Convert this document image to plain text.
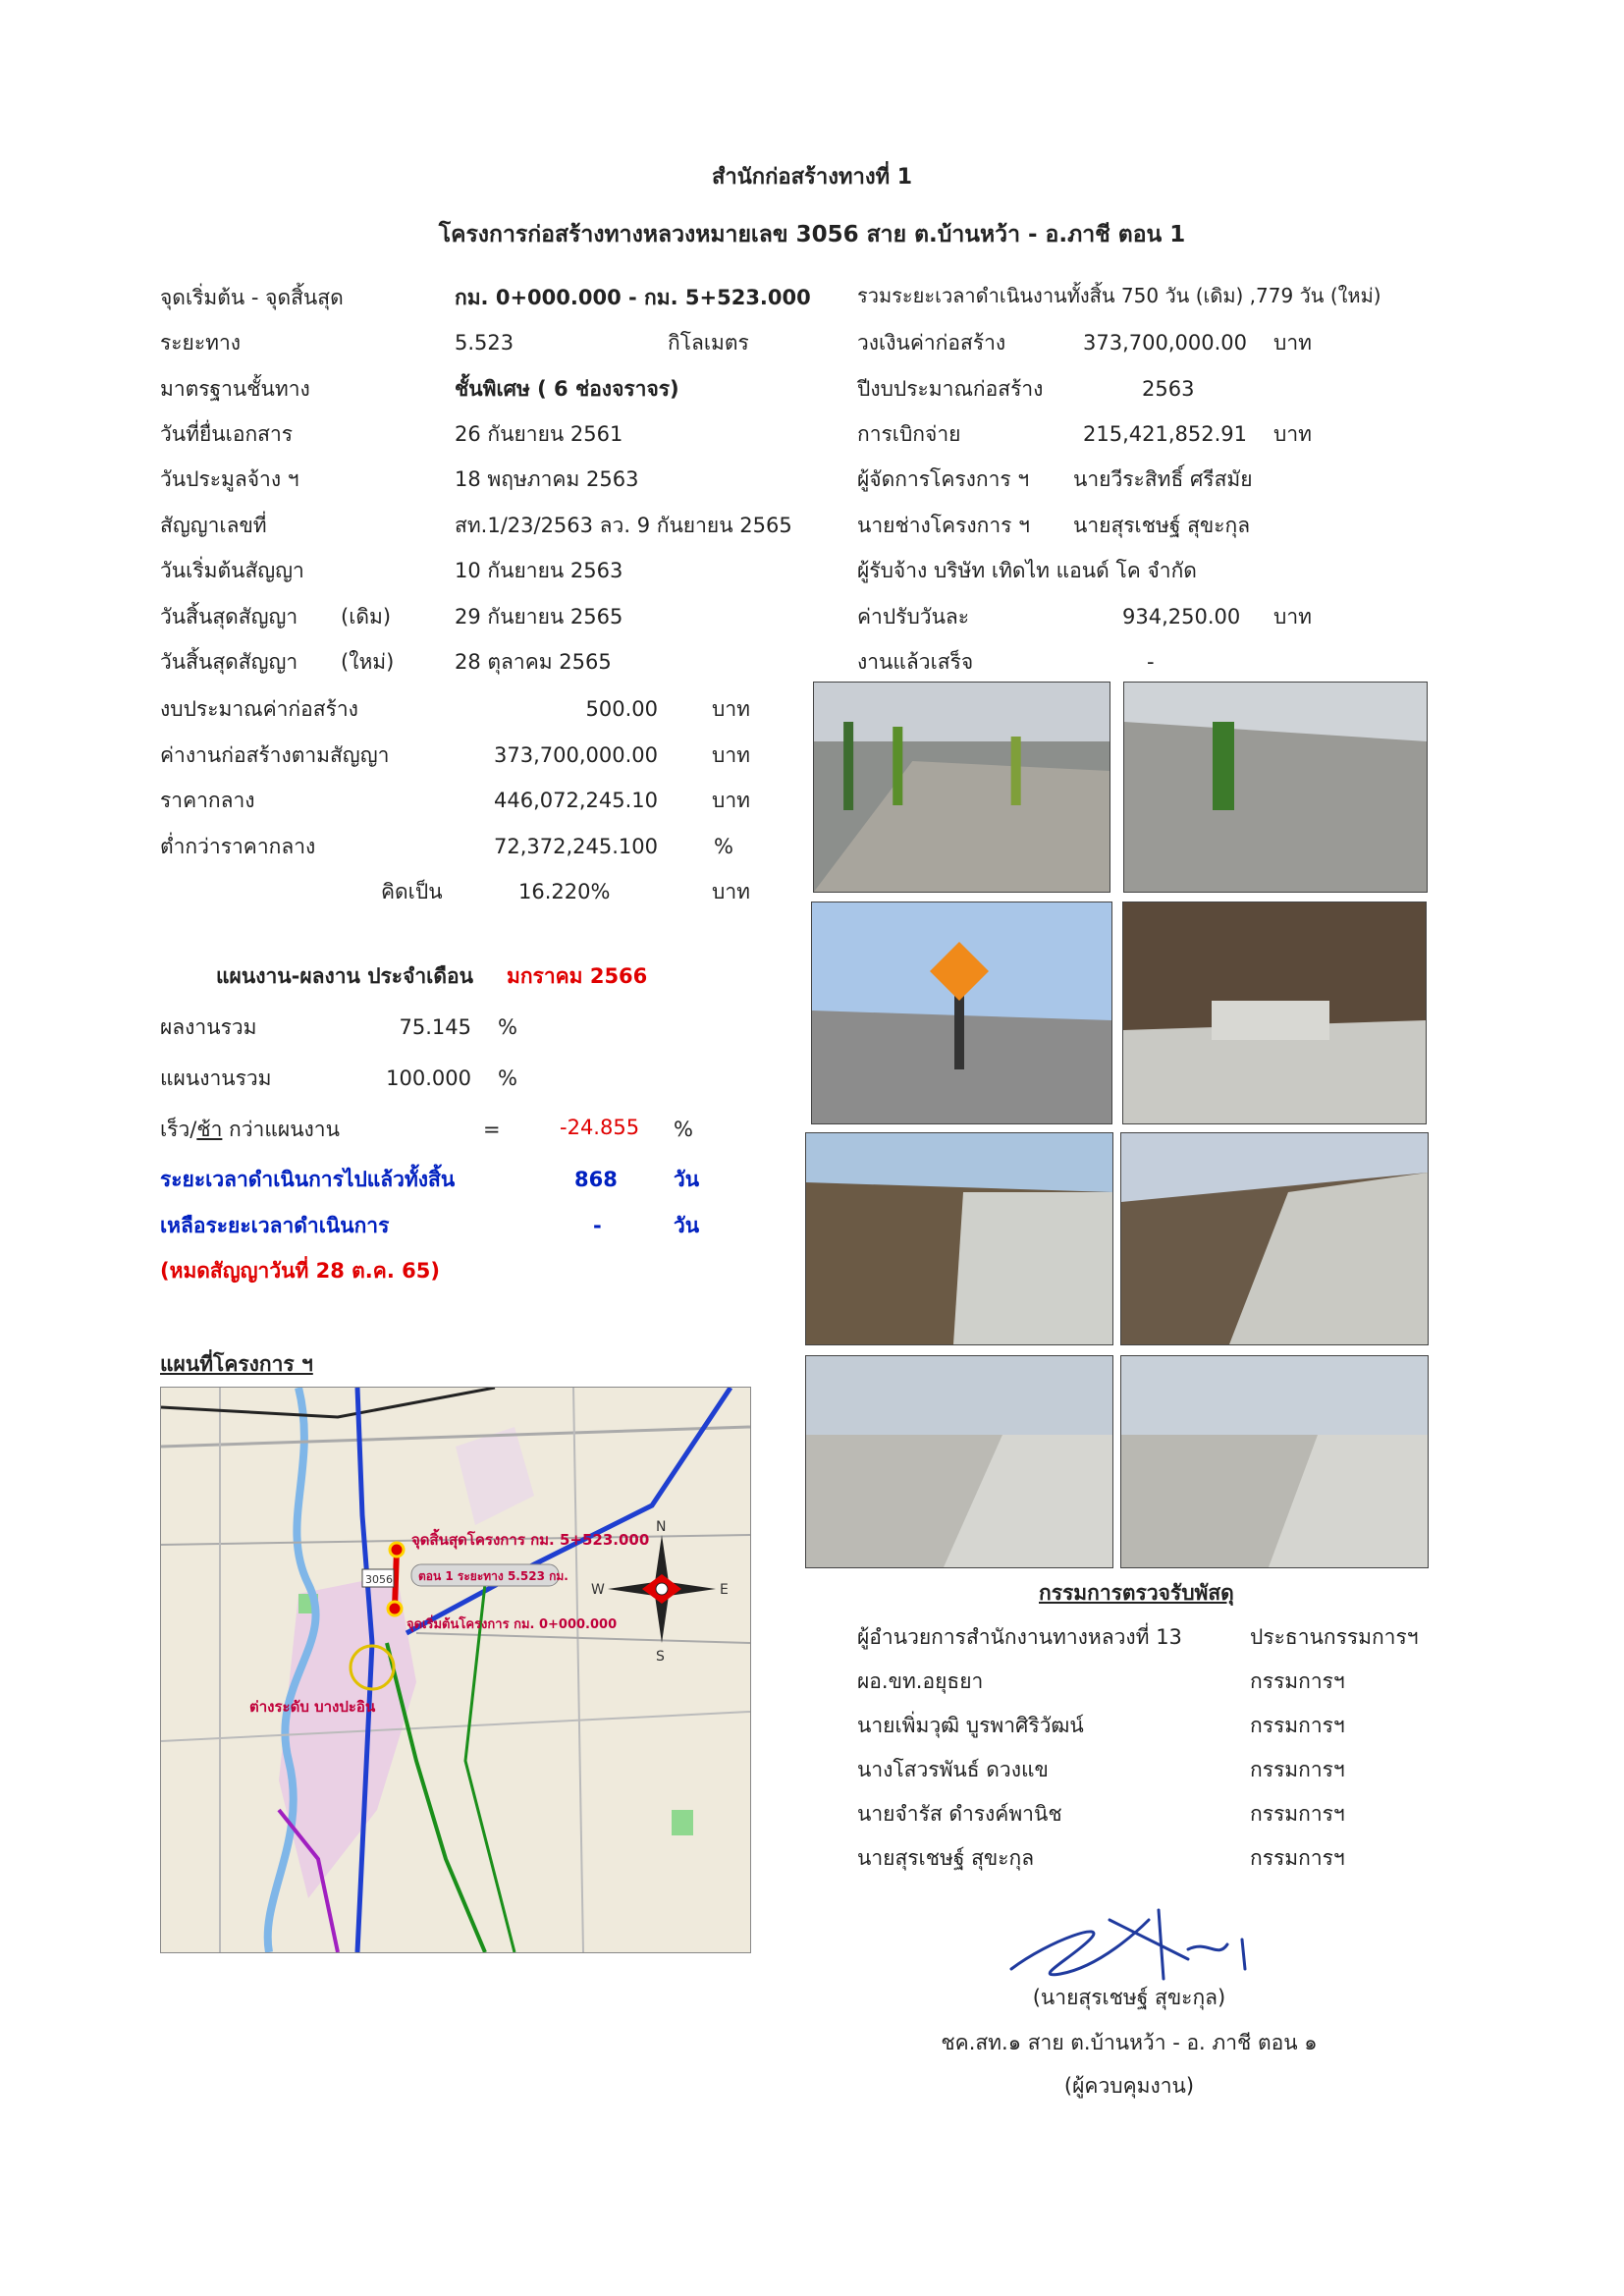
สำนักก่อสร้างทางที่ 1
โครงการก่อสร้างทางหลวงหมายเลข 3056 สาย ต.บ้านหว้า - อ.ภาชี ตอน 1
จุดเริ่มต้น - จุดสิ้นสุด	กม. 0+000.000 - กม. 5+523.000
ระยะทาง	5.523	กิโลเมตร
มาตรฐานชั้นทาง	ชั้นพิเศษ ( 6 ช่องจราจร)
วันที่ยื่นเอกสาร	26 กันยายน 2561
วันประมูลจ้าง ฯ	18 พฤษภาคม 2563
สัญญาเลขที่	สท.1/23/2563 ลว. 9 กันยายน 2565
วันเริ่มต้นสัญญา	10 กันยายน 2563
วันสิ้นสุดสัญญา (เดิม)	29 กันยายน 2565
วันสิ้นสุดสัญญา (ใหม่)	28 ตุลาคม 2565
รวมระยะเวลาดำเนินงานทั้งสิ้น 750 วัน (เดิม) ,779 วัน (ใหม่)
วงเงินค่าก่อสร้าง	373,700,000.00 บาท
ปีงบประมาณก่อสร้าง	2563
การเบิกจ่าย	215,421,852.91 บาท
ผู้จัดการโครงการ ฯ นายวีระสิทธิ์ ศรีสมัย
นายช่างโครงการ ฯ นายสุรเชษฐ์ สุขะกุล
ผู้รับจ้าง บริษัท เทิดไท แอนด์ โค จำกัด
ค่าปรับวันละ	934,250.00 บาท
งานแล้วเสร็จ	-
งบประมาณค่าก่อสร้าง	500.00	บาท
ค่างานก่อสร้างตามสัญญา	373,700,000.00	บาท
ราคากลาง	446,072,245.10	บาท
ต่ำกว่าราคากลาง	72,372,245.100	%
คิดเป็น	16.220%	บาท
แผนงาน-ผลงาน ประจำเดือน มกราคม 2566
ผลงานรวม	75.145 %
แผนงานรวม	100.000 %
เร็ว/ช้า กว่าแผนงาน	=	-24.855 %
ระยะเวลาดำเนินการไปแล้วทั้งสิ้น	868	วัน
เหลือระยะเวลาดำเนินการ	-	วัน
(หมดสัญญาวันที่ 28 ต.ค. 65)
แผนที่โครงการ ฯ
ตอน 1 ระยะทาง 5.523 กม.
3056
จุดสิ้นสุดโครงการ กม. 5+523.000
จุดเริ่มต้นโครงการ กม. 0+000.000
ต่างระดับ บางปะอิน
N
E
S
W	กรรมการตรวจรับพัสดุ
ผู้อำนวยการสำนักงานทางหลวงที่ 13	ประธานกรรมการฯ
ผอ.ขท.อยุธยา	กรรมการฯ
นายเพิ่มวุฒิ บูรพาศิริวัฒน์	กรรมการฯ
นางโสวรพันธ์ ดวงแข	กรรมการฯ
นายจำรัส ดำรงค์พานิช	กรรมการฯ
นายสุรเชษฐ์ สุขะกุล	กรรมการฯ
(นายสุรเชษฐ์ สุขะกุล)
ชค.สท.๑ สาย ต.บ้านหว้า - อ. ภาชี ตอน ๑
(ผู้ควบคุมงาน)
